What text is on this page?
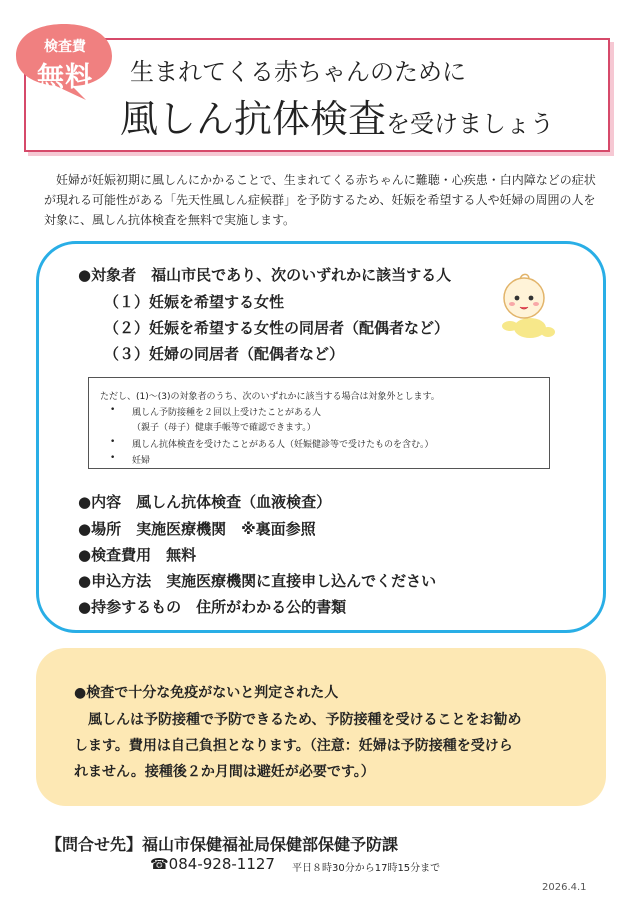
検査費
無料	生まれてくる赤ちゃんのために
風しん抗体検査を受けましょう
　妊婦が妊娠初期に風しんにかかることで、生まれてくる赤ちゃんに難聴・心疾患・白内障などの症状
が現れる可能性がある「先天性風しん症候群」を予防するため、妊娠を希望する人や妊婦の周囲の人を
対象に、風しん抗体検査を無料で実施します。
●対象者　福山市民であり、次のいずれかに該当する人
（１）妊娠を希望する女性
（２）妊娠を希望する女性の同居者（配偶者など）
（３）妊婦の同居者（配偶者など）
ただし、(1)～(3)の対象者のうち、次のいずれかに該当する場合は対象外とします。
• 風しん予防接種を２回以上受けたことがある人
（親子（母子）健康手帳等で確認できます。）
• 風しん抗体検査を受けたことがある人（妊娠健診等で受けたものを含む。）
• 妊婦
●内容　風しん抗体検査（血液検査）
●場所　実施医療機関　※裏面参照
●検査費用　無料
●申込方法　実施医療機関に直接申し込んでください
●持参するもの　住所がわかる公的書類
●検査で十分な免疫がないと判定された人
　風しんは予防接種で予防できるため、予防接種を受けることをお勧め
します。費用は自己負担となります。（注意：妊婦は予防接種を受けら
れません。接種後２か月間は避妊が必要です。）
【問合せ先】福山市保健福祉局保健部保健予防課
☎084-928-1127 平日８時30分から17時15分まで
2026.4.1
